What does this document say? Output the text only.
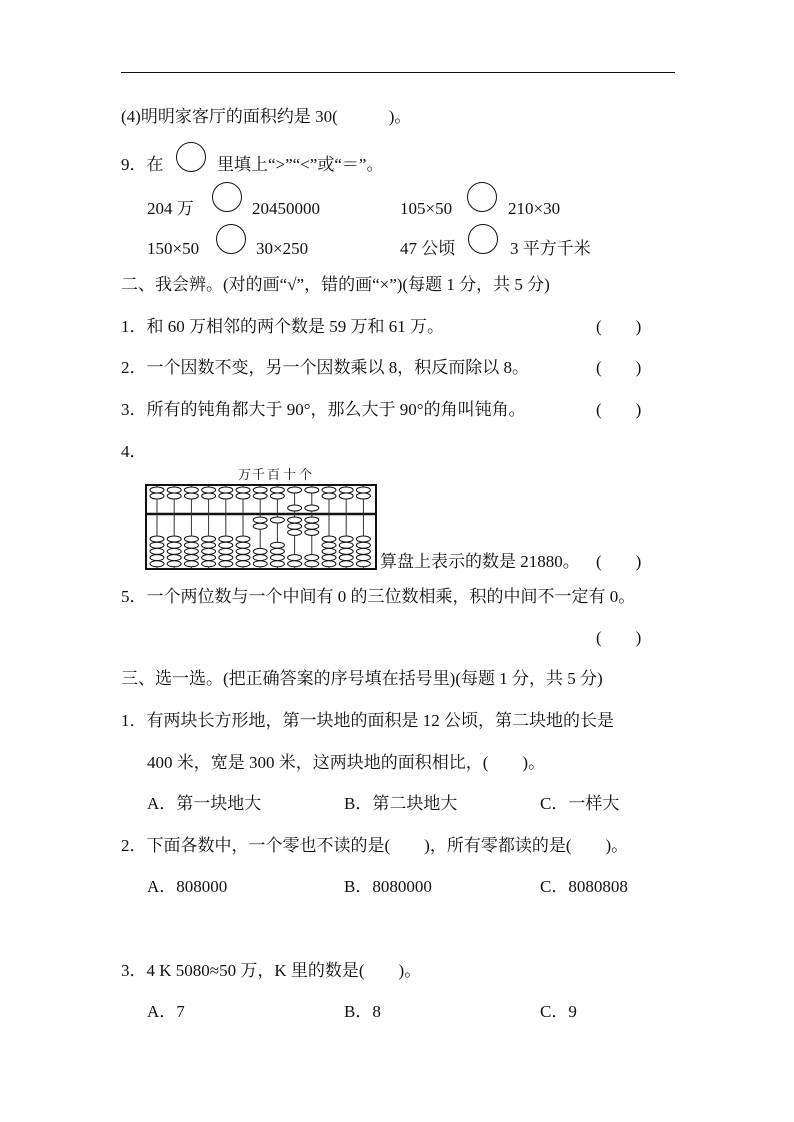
(4)明明家客厅的面积约是 30(　　　)。
9．在	里填上“>”“<”或“＝”。
204 万	20450000	105×50	210×30
150×50	30×250	47 公顷	3 平方千米
二、我会辨。(对的画“√”，错的画“×”)(每题 1 分，共 5 分)
1．和 60 万相邻的两个数是 59 万和 61 万。	(　　)
2．一个因数不变，另一个因数乘以 8，积反而除以 8。	(　　)
3．所有的钝角都大于 90°，那么大于 90°的角叫钝角。	(　　)
4．
万 千 百 十 个
算盘上表示的数是 21880。 (　　)
5．一个两位数与一个中间有 0 的三位数相乘，积的中间不一定有 0。
(　　)
三、选一选。(把正确答案的序号填在括号里)(每题 1 分，共 5 分)
1．有两块长方形地，第一块地的面积是 12 公顷，第二块地的长是
400 米，宽是 300 米，这两块地的面积相比，(　　)。
A．第一块地大	B．第二块地大	C．一样大
2．下面各数中，一个零也不读的是(　　)，所有零都读的是(　　)。
A．808000	B．8080000	C．8080808
3．4 K 5080≈50 万，K 里的数是(　　)。
A．7	B．8	C．9
